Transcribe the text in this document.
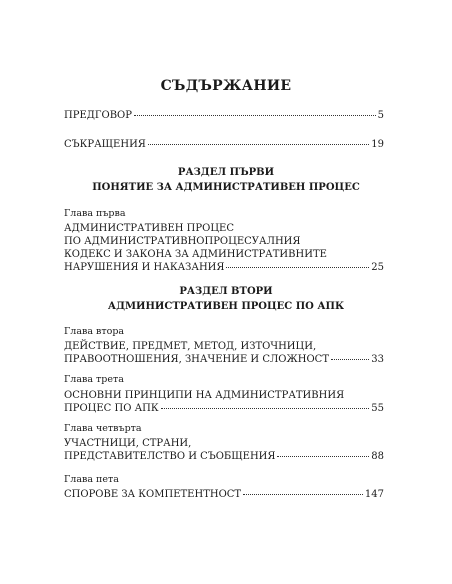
СЪДЪРЖАНИЕ
ПРЕДГОВОР	5
СЪКРАЩЕНИЯ	19
РАЗДЕЛ ПЪРВИ
ПОНЯТИЕ ЗА АДМИНИСТРАТИВЕН ПРОЦЕС
Глава първа
АДМИНИСТРАТИВЕН ПРОЦЕС
ПО АДМИНИСТРАТИВНОПРОЦЕСУАЛНИЯ
КОДЕКС И ЗАКОНА ЗА АДМИНИСТРАТИВНИТЕ
НАРУШЕНИЯ И НАКАЗАНИЯ	25
РАЗДЕЛ ВТОРИ
АДМИНИСТРАТИВЕН ПРОЦЕС ПО АПК
Глава втора
ДЕЙСТВИЕ, ПРЕДМЕТ, МЕТОД, ИЗТОЧНИЦИ,
ПРАВООТНОШЕНИЯ, ЗНАЧЕНИЕ И СЛОЖНОСТ	33
Глава трета
ОСНОВНИ ПРИНЦИПИ НА АДМИНИСТРАТИВНИЯ
ПРОЦЕС ПО АПК	55
Глава четвърта
УЧАСТНИЦИ, СТРАНИ,
ПРЕДСТАВИТЕЛСТВО И СЪОБЩЕНИЯ	88
Глава пета
СПОРОВЕ ЗА КОМПЕТЕНТНОСТ	147
